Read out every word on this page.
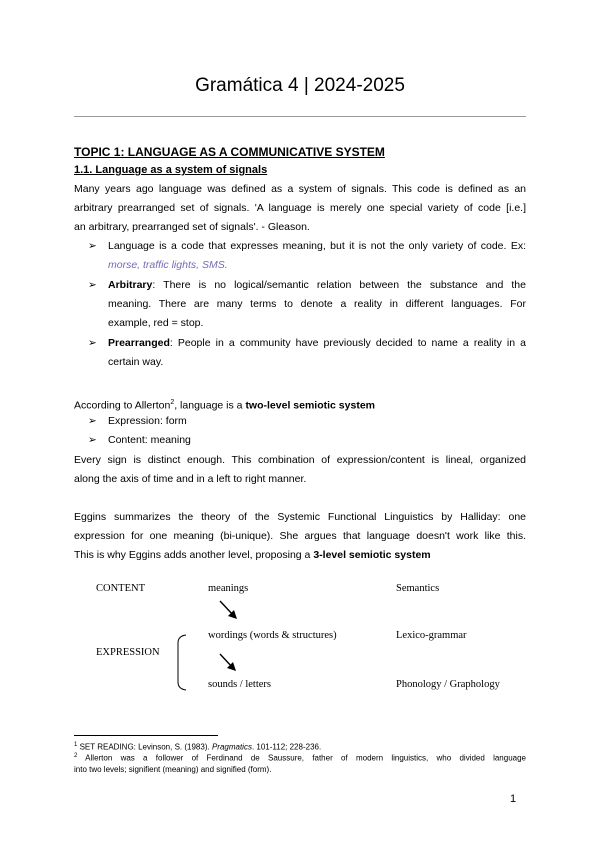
Gramática 4 | 2024-2025
TOPIC 1: LANGUAGE AS A COMMUNICATIVE SYSTEM
1.1. Language as a system of signals
Many years ago language was defined as a system of signals. This code is defined as an
arbitrary prearranged set of signals. 'A language is merely one special variety of code [i.e.]
an arbitrary, prearranged set of signals'. - Gleason.
➢ Language is a code that expresses meaning, but it is not the only variety of code. Ex:
morse, traffic lights, SMS.
➢ Arbitrary: There is no logical/semantic relation between the substance and the
meaning. There are many terms to denote a reality in different languages. For
example, red = stop.
➢ Prearranged: People in a community have previously decided to name a reality in a
certain way.
According to Allerton$^2$, language is a two-level semiotic system
➢ Expression: form
➢ Content: meaning
Every sign is distinct enough. This combination of expression/content is lineal, organized
along the axis of time and in a left to right manner.
Eggins summarizes the theory of the Systemic Functional Linguistics by Halliday: one
expression for one meaning (bi-unique). She argues that language doesn't work like this.
This is why Eggins adds another level, proposing a 3-level semiotic system
CONTENT	meanings	Semantics
wordings (words & structures)	Lexico-grammar
EXPRESSION
sounds / letters	Phonology / Graphology
$^1$ SET READING: Levinson, S. (1983). Pragmatics. 101-112; 228-236.
$^2$ Allerton was a follower of Ferdinand de Saussure, father of modern linguistics, who divided language
into two levels; signifient (meaning) and signified (form).
1
